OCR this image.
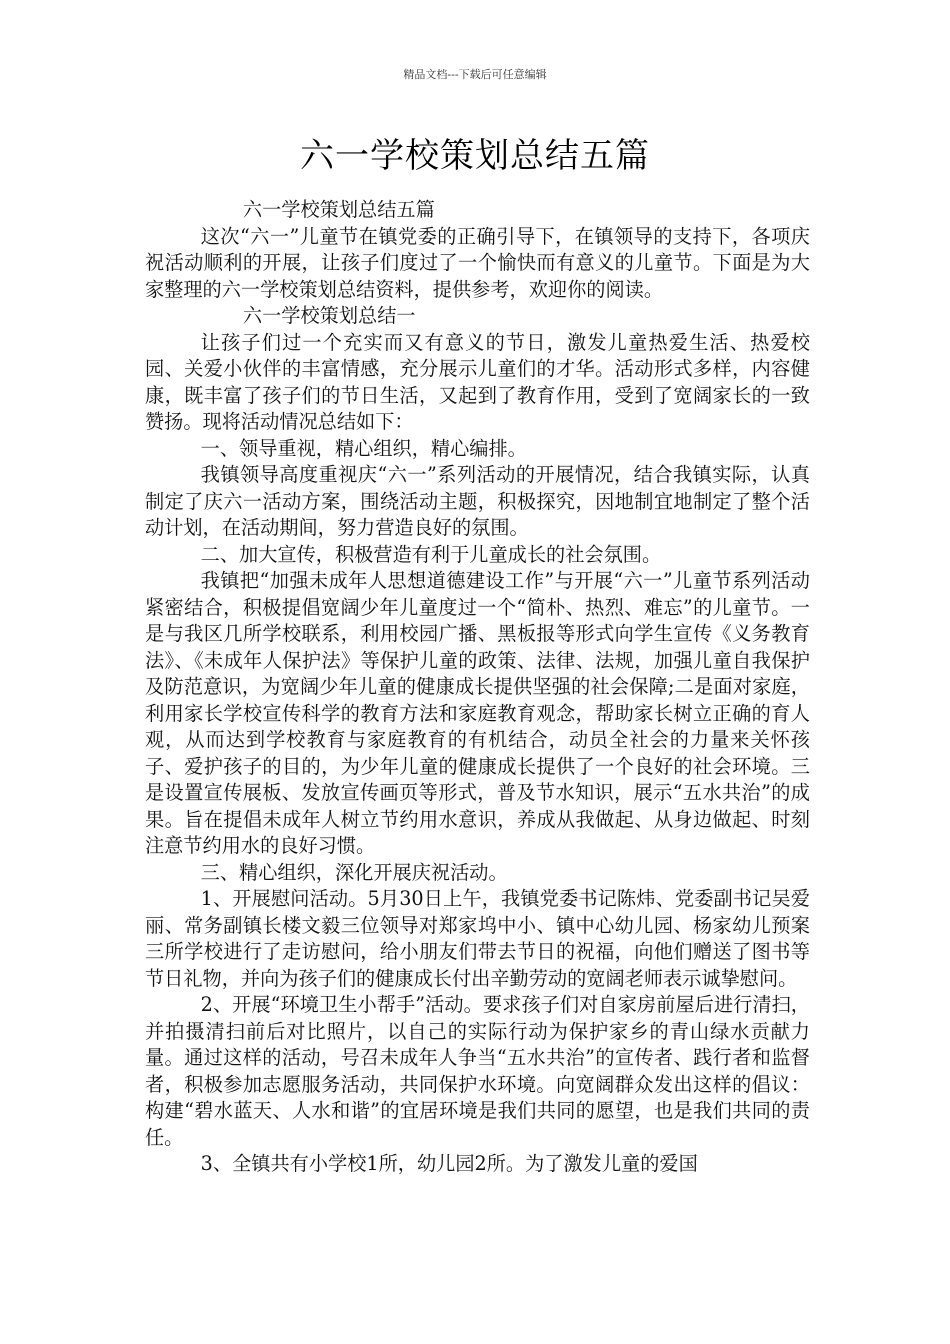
精品文档---下载后可任意编辑
六一学校策划总结五篇

六一学校策划总结五篇

这次“六一”儿童节在镇党委的正确引导下，在镇领导的支持下，各项庆祝活动顺利的开展，让孩子们度过了一个愉快而有意义的儿童节。下面是为大家整理的六一学校策划总结资料，提供参考，欢迎你的阅读。

六一学校策划总结一

让孩子们过一个充实而又有意义的节日，激发儿童热爱生活、热爱校园、关爱小伙伴的丰富情感，充分展示儿童们的才华。活动形式多样，内容健康，既丰富了孩子们的节日生活，又起到了教育作用，受到了宽阔家长的一致赞扬。现将活动情况总结如下：

一、领导重视，精心组织，精心编排。

我镇领导高度重视庆“六一”系列活动的开展情况，结合我镇实际，认真制定了庆六一活动方案，围绕活动主题，积极探究，因地制宜地制定了整个活动计划，在活动期间，努力营造良好的氛围。

二、加大宣传，积极营造有利于儿童成长的社会氛围。

我镇把“加强未成年人思想道德建设工作”与开展“六一”儿童节系列活动紧密结合，积极提倡宽阔少年儿童度过一个“简朴、热烈、难忘”的儿童节。一是与我区几所学校联系，利用校园广播、黑板报等形式向学生宣传《义务教育法》、《未成年人保护法》等保护儿童的政策、法律、法规，加强儿童自我保护及防范意识，为宽阔少年儿童的健康成长提供坚强的社会保障;二是面对家庭，利用家长学校宣传科学的教育方法和家庭教育观念，帮助家长树立正确的育人观，从而达到学校教育与家庭教育的有机结合，动员全社会的力量来关怀孩子、爱护孩子的目的，为少年儿童的健康成长提供了一个良好的社会环境。三是设置宣传展板、发放宣传画页等形式，普及节水知识，展示“五水共治”的成果。旨在提倡未成年人树立节约用水意识，养成从我做起、从身边做起、时刻注意节约用水的良好习惯。

三、精心组织，深化开展庆祝活动。

1、开展慰问活动。5月30日上午，我镇党委书记陈炜、党委副书记吴爱丽、常务副镇长楼文毅三位领导对郑家坞中小、镇中心幼儿园、杨家幼儿预案三所学校进行了走访慰问，给小朋友们带去节日的祝福，向他们赠送了图书等节日礼物，并向为孩子们的健康成长付出辛勤劳动的宽阔老师表示诚挚慰问。

2、开展“环境卫生小帮手”活动。要求孩子们对自家房前屋后进行清扫，并拍摄清扫前后对比照片，以自己的实际行动为保护家乡的青山绿水贡献力量。通过这样的活动，号召未成年人争当“五水共治”的宣传者、践行者和监督者，积极参加志愿服务活动，共同保护水环境。向宽阔群众发出这样的倡议：构建“碧水蓝天、人水和谐”的宜居环境是我们共同的愿望，也是我们共同的责任。

3、全镇共有小学校1所，幼儿园2所。为了激发儿童的爱国
